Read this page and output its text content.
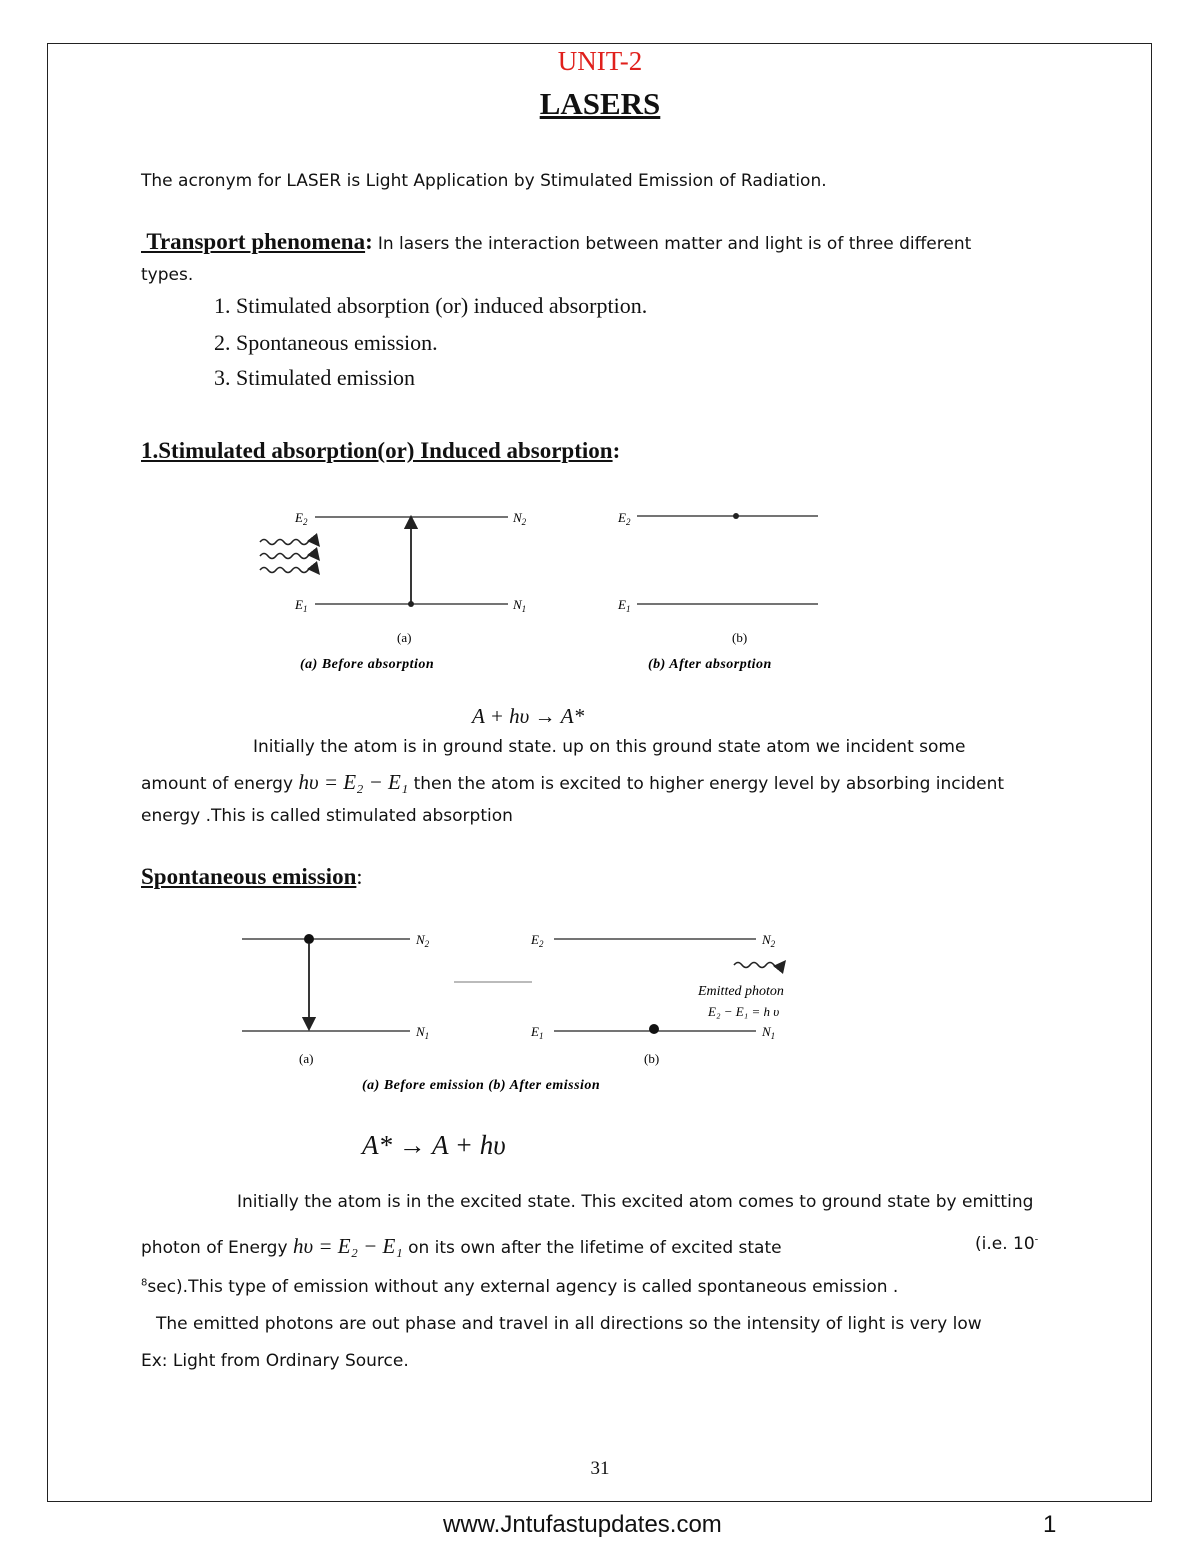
UNIT-2
LASERS
The acronym for LASER is Light Application by Stimulated Emission of Radiation.
Transport phenomena: In lasers the interaction between matter and light is of three different
types.
1. Stimulated absorption (or) induced absorption.
2. Spontaneous emission.
3. Stimulated emission
1.Stimulated absorption(or) Induced absorption:
$E_2$	$N_2$
$E_1$	$N_1$
(a)
(a) Before absorption
$E_2$
$E_1$
(b)
(b) After absorption
A + hυ → A*
Initially the atom is in ground state. up on this ground state atom we incident some
amount of energy hυ = E₂ − E₁ then the atom is excited to higher energy level by absorbing incident
energy .This is called stimulated absorption
Spontaneous emission:
$N_2$
$N_1$
(a)
$E_2$	$N_2$
Emitted photon
E₂ − E₁ = h υ
$E_1$	$N_1$
(b)
(a) Before emission (b) After emission
A* → A + hυ
Initially the atom is in the excited state. This excited atom comes to ground state by emitting
photon of Energy hυ = E₂ − E₁ on its own after the lifetime of excited state	(i.e. 10-
$^8$sec).This type of emission without any external agency is called spontaneous emission .
The emitted photons are out phase and travel in all directions so the intensity of light is very low
Ex: Light from Ordinary Source.
31
www.Jntufastupdates.com	1
